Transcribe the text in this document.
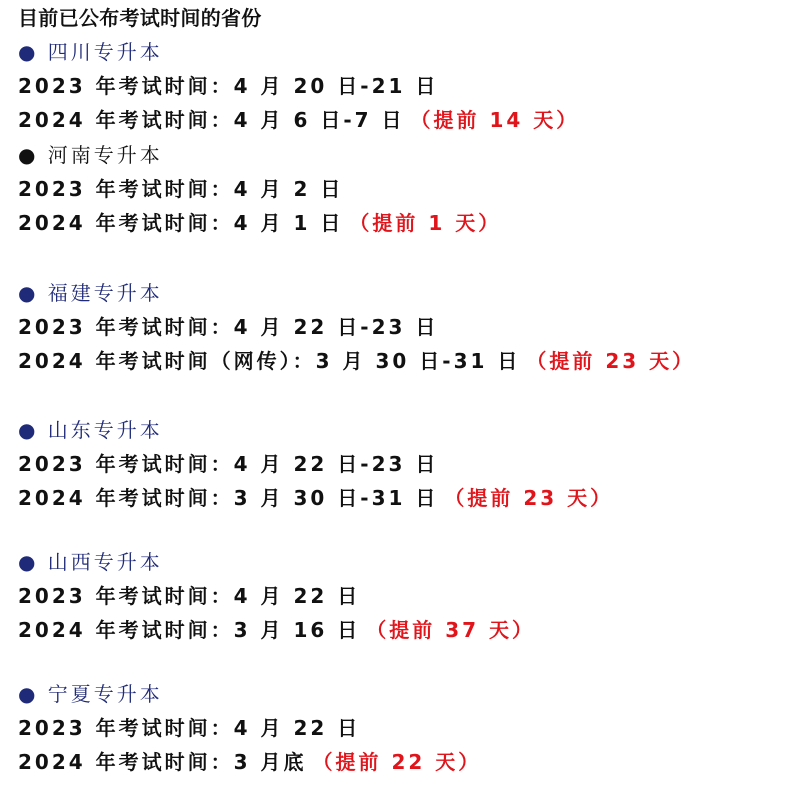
目前已公布考试时间的省份
● 四川专升本
2023 年考试时间：4 月 20 日-21 日
2024 年考试时间：4 月 6 日-7 日 （提前 14 天）
● 河南专升本
2023 年考试时间：4 月 2 日
2024 年考试时间：4 月 1 日 （提前 1 天）
● 福建专升本
2023 年考试时间：4 月 22 日-23 日
2024 年考试时间（网传）：3 月 30 日-31 日 （提前 23 天）
● 山东专升本
2023 年考试时间：4 月 22 日-23 日
2024 年考试时间：3 月 30 日-31 日 （提前 23 天）
● 山西专升本
2023 年考试时间：4 月 22 日
2024 年考试时间：3 月 16 日 （提前 37 天）
● 宁夏专升本
2023 年考试时间：4 月 22 日
2024 年考试时间：3 月底 （提前 22 天）
